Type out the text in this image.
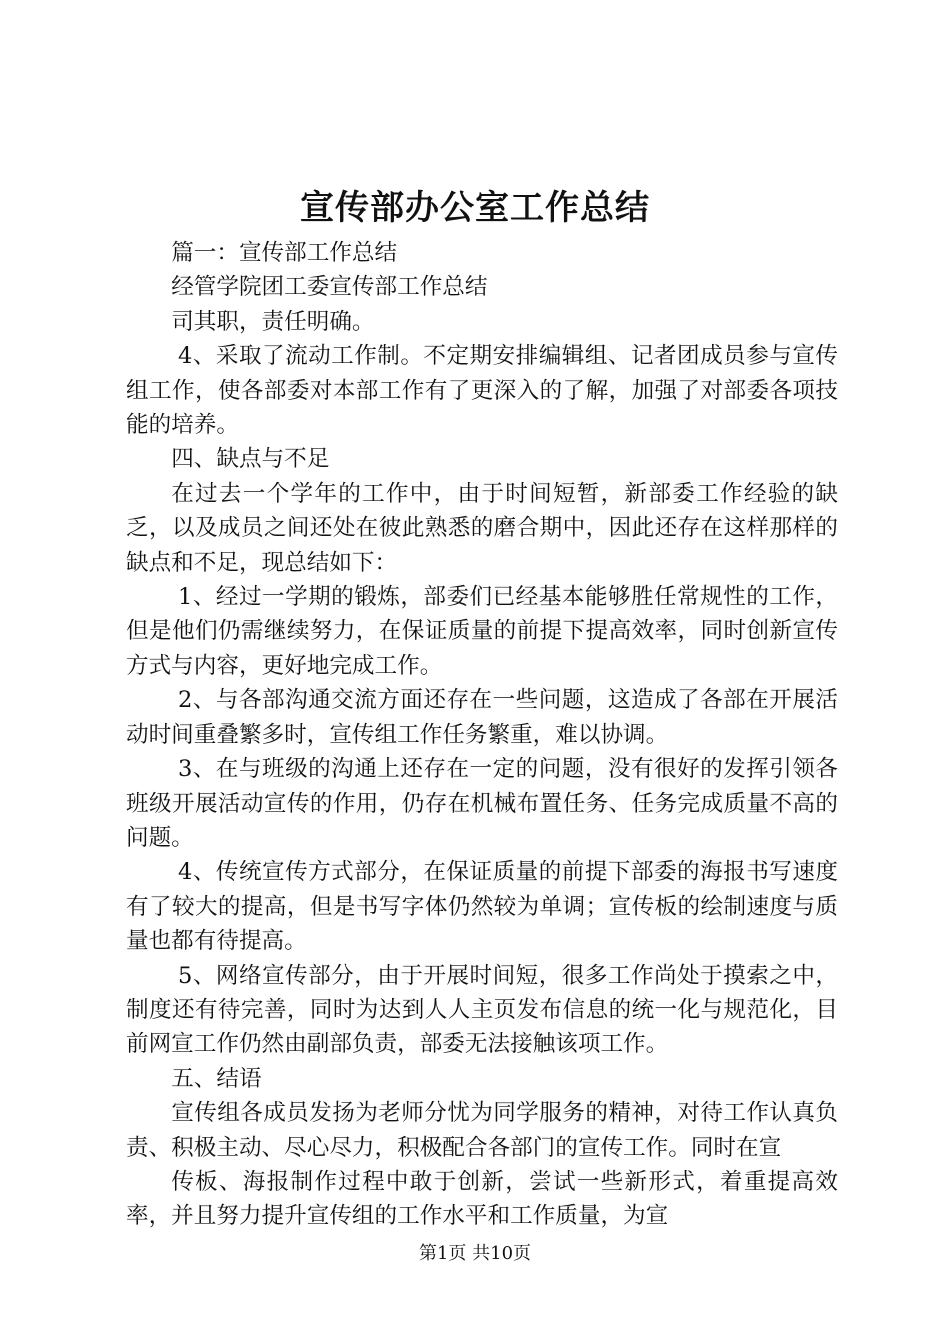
宣传部办公室工作总结

篇一：宣传部工作总结

经管学院团工委宣传部工作总结

司其职，责任明确。

4、采取了流动工作制。不定期安排编辑组、记者团成员参与宣传组工作，使各部委对本部工作有了更深入的了解，加强了对部委各项技能的培养。

四、缺点与不足

在过去一个学年的工作中，由于时间短暂，新部委工作经验的缺乏，以及成员之间还处在彼此熟悉的磨合期中，因此还存在这样那样的缺点和不足，现总结如下：

1、经过一学期的锻炼，部委们已经基本能够胜任常规性的工作，但是他们仍需继续努力，在保证质量的前提下提高效率，同时创新宣传方式与内容，更好地完成工作。

2、与各部沟通交流方面还存在一些问题，这造成了各部在开展活动时间重叠繁多时，宣传组工作任务繁重，难以协调。

3、在与班级的沟通上还存在一定的问题，没有很好的发挥引领各班级开展活动宣传的作用，仍存在机械布置任务、任务完成质量不高的问题。

4、传统宣传方式部分，在保证质量的前提下部委的海报书写速度有了较大的提高，但是书写字体仍然较为单调；宣传板的绘制速度与质量也都有待提高。

5、网络宣传部分，由于开展时间短，很多工作尚处于摸索之中，制度还有待完善，同时为达到人人主页发布信息的统一化与规范化，目前网宣工作仍然由副部负责，部委无法接触该项工作。

五、结语

宣传组各成员发扬为老师分忧为同学服务的精神，对待工作认真负责、积极主动、尽心尽力，积极配合各部门的宣传工作。同时在宣

传板、海报制作过程中敢于创新，尝试一些新形式，着重提高效率，并且努力提升宣传组的工作水平和工作质量，为宣

第1页 共10页
